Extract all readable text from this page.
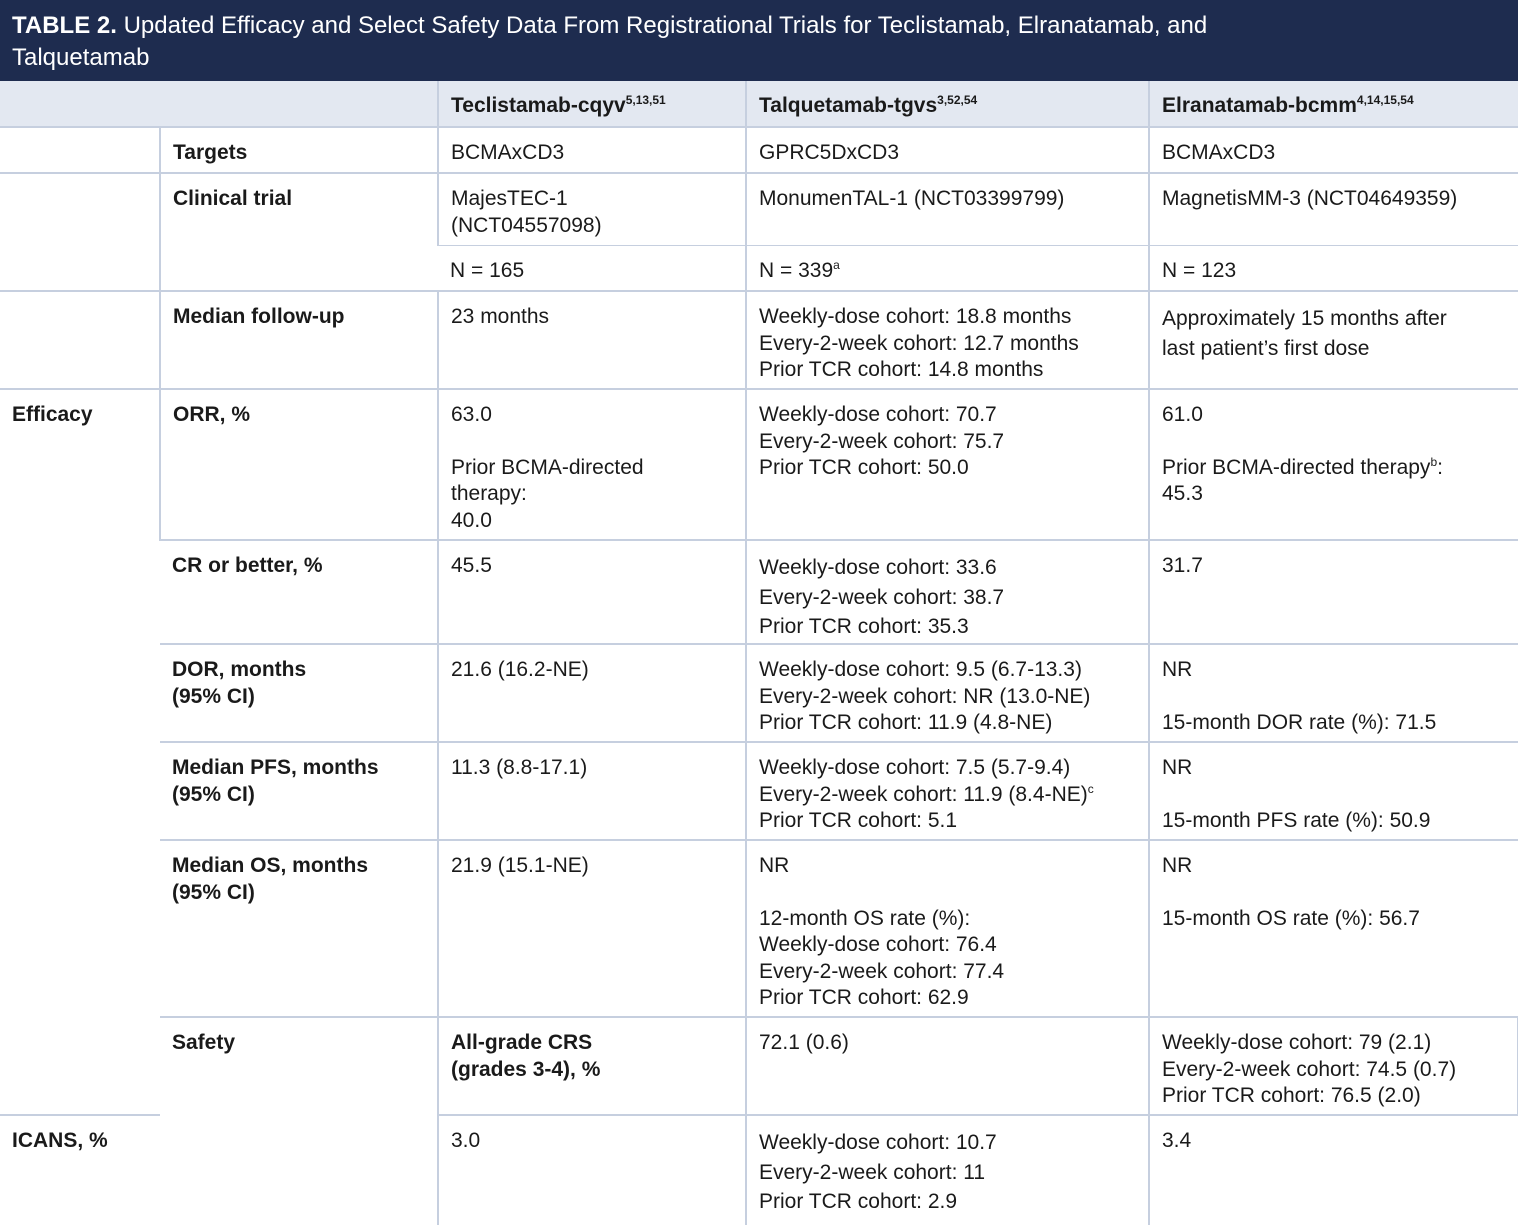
TABLE 2. Updated Efficacy and Select Safety Data From Registrational Trials for Teclistamab, Elranatamab, and
Talquetamab
		Teclistamab-cqyv$^{5,13,51}$	Talquetamab-tgvs$^{3,52,54}$	Elranatamab-bcmm$^{4,14,15,54}$
	Targets	BCMAxCD3	GPRC5DxCD3	BCMAxCD3	
	Clinical trial	MajesTEC-1
(NCT04557098)	MonumenTAL-1 (NCT03399799)	MagnetisMM-3 (NCT04649359)	
		N = 165	$N = 339^a$	N = 123	
	Median follow-up	23 months	Weekly-dose cohort: 18.8 months
Every-2-week cohort: 12.7 months
Prior TCR cohort: 14.8 months	Approximately 15 months after
last patient’s first dose	

Efficacy	ORR, %	63.0
Prior BCMA-directed
therapy:
40.0	Weekly-dose cohort: 70.7
Every-2-week cohort: 75.7
Prior TCR cohort: 50.0	61.0
Prior BCMA-directed therapy$^b$:
45.3	

	CR or better, %	45.5	Weekly-dose cohort: 33.6
Every-2-week cohort: 38.7
Prior TCR cohort: 35.3	31.7	

	DOR, months
(95% CI)	21.6 (16.2-NE)	Weekly-dose cohort: 9.5 (6.7-13.3)
Every-2-week cohort: NR (13.0-NE)
Prior TCR cohort: 11.9 (4.8-NE)	NR
15-month DOR rate (%): 71.5	

	Median PFS, months
(95% CI)	11.3 (8.8-17.1)	Weekly-dose cohort: 7.5 (5.7-9.4)
Every-2-week cohort: 11.9 $(8.4-NE)^c$
Prior TCR cohort: 5.1	NR
15-month PFS rate (%): 50.9	

	Median OS, months
(95% CI)	21.9 (15.1-NE)	NR
12-month OS rate (%):
Weekly-dose cohort: 76.4
Every-2-week cohort: 77.4
Prior TCR cohort: 62.9	NR
15-month OS rate (%): 56.7	

	Safety	All-grade CRS
(grades 3-4), %	72.1 (0.6)	Weekly-dose cohort: 79 (2.1)
Every-2-week cohort: 74.5 (0.7)
Prior TCR cohort: 76.5 (2.0)

ICANS, %		3.0	Weekly-dose cohort: 10.7
Every-2-week cohort: 11
Prior TCR cohort: 2.9	3.4	
